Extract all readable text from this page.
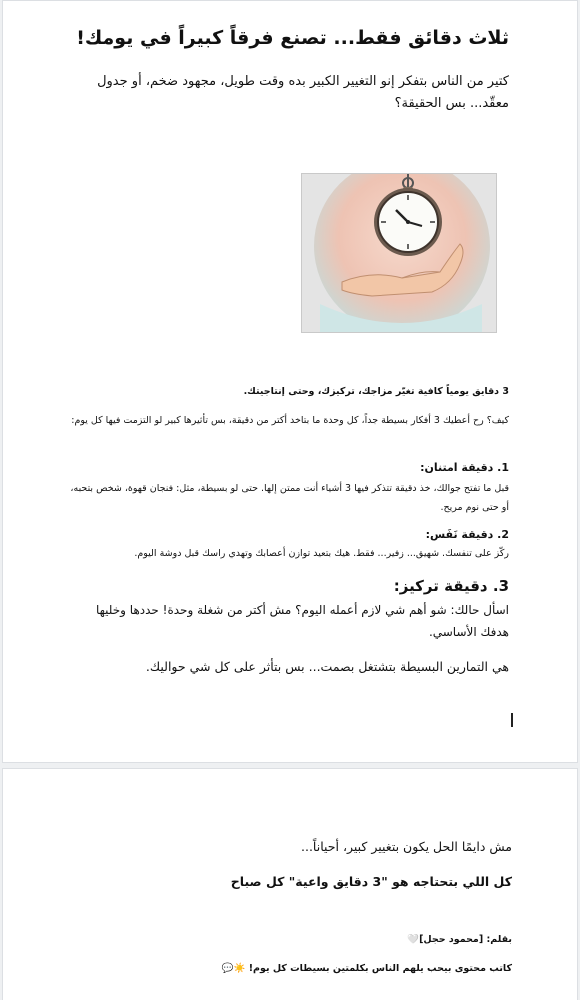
ثلاث دقائق فقط... تصنع فرقاً كبيراً في يومك!

كتير من الناس بتفكر إنو التغيير الكبير بده وقت طويل، مجهود ضخم، أو جدول معقّد... بس الحقيقة؟

3 دقايق يومياً كافية تغيّر مزاجك، تركيزك، وحتى إنتاجيتك.

كيف؟ رح أعطيك 3 أفكار بسيطة جداً، كل وحدة ما بتاخد أكتر من دقيقة، بس تأثيرها كبير لو التزمت فيها كل يوم:

1. دقيقة امتنان:

قبل ما تفتح جوالك، خذ دقيقة تتذكر فيها 3 أشياء أنت ممتن إلها. حتى لو بسيطة، مثل: فنجان قهوة، شخص بتحبه، أو حتى نوم مريح.

2. دقيقة نَفَس:

ركّز على تنفسك. شهيق... زفير... فقط. هيك بتعيد توازن أعصابك وتهدي راسك قبل دوشة اليوم.

3. دقيقة تركيز:

اسأل حالك: شو أهم شي لازم أعمله اليوم؟ مش أكتر من شغلة وحدة! حددها وخليها هدفك الأساسي.

هي التمارين البسيطة بتشتغل بصمت... بس بتأثر على كل شي حواليك.

مش دايمًا الحل يكون بتغيير كبير، أحياناً...

كل اللي بتحتاجه هو "3 دقايق واعية" كل صباح

بقلم: [محمود حجل]🤍

كاتب محتوى بيحب يلهم الناس بكلمتين بسيطات كل يوم! ☀️💬
